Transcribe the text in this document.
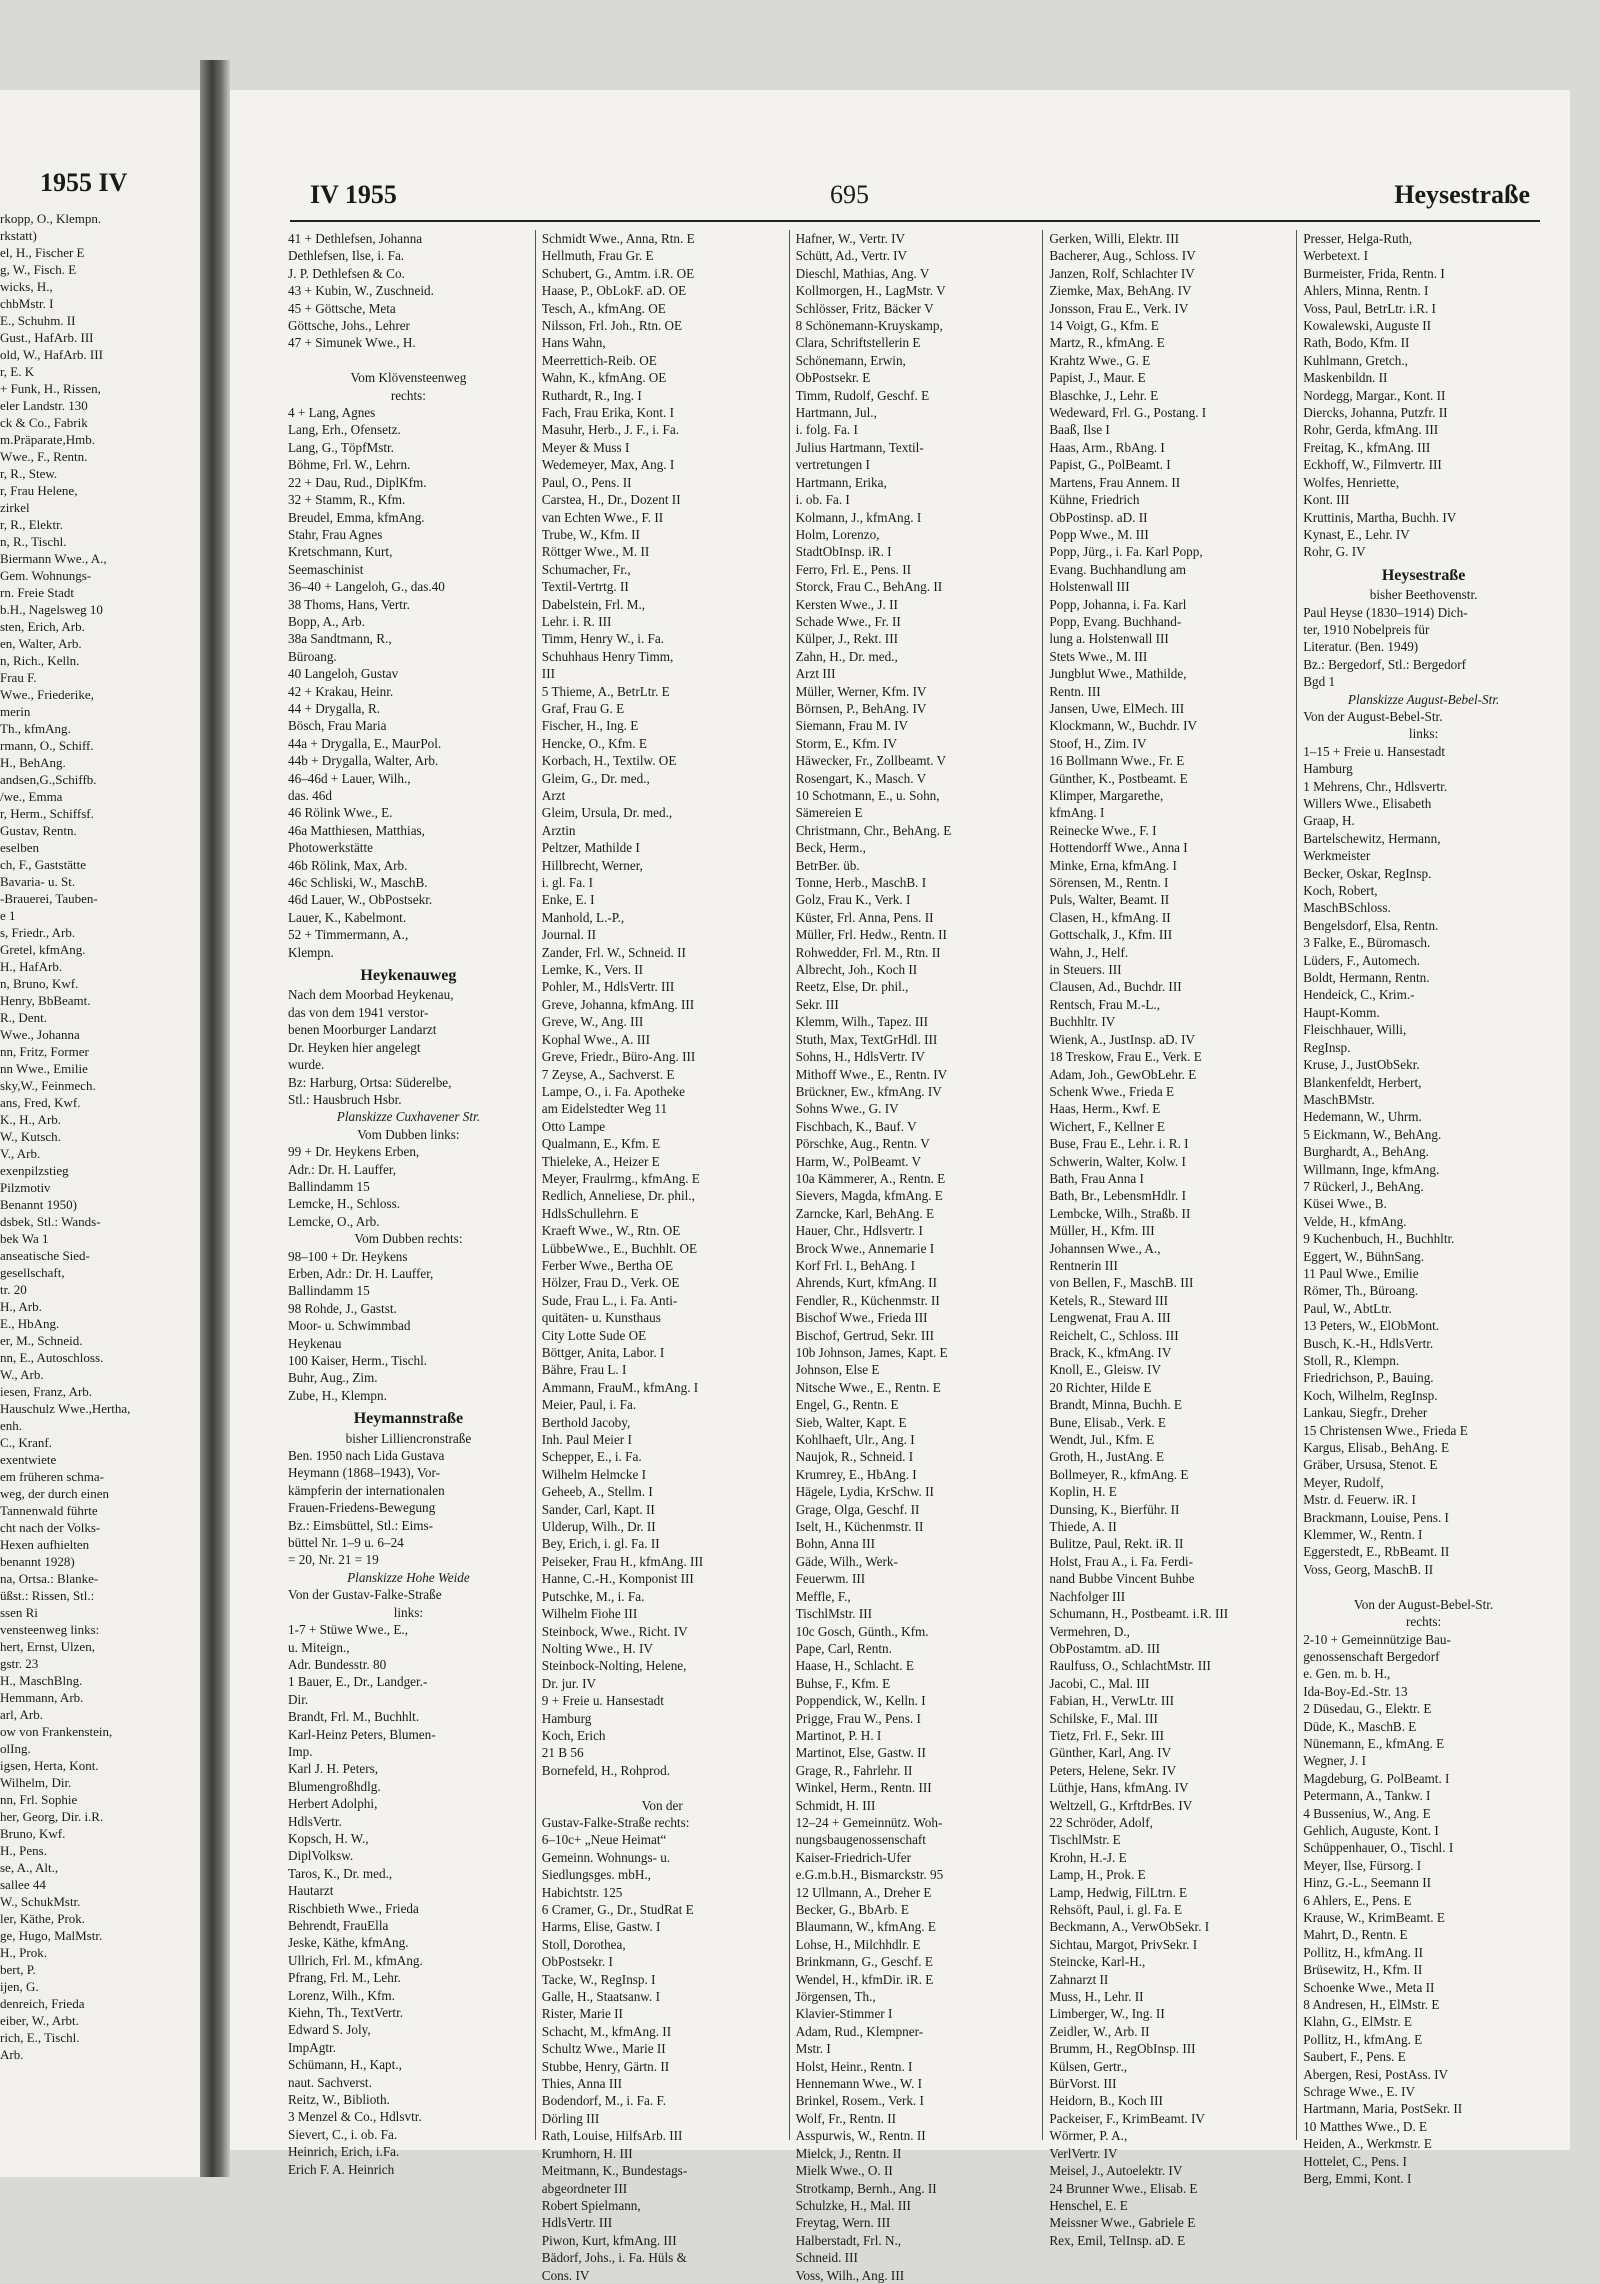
1955 IV
rkopp, O., Klempn.
rkstatt)
el, H., Fischer E
g, W., Fisch. E
wicks, H.,
chbMstr. I
E., Schuhm. II
Gust., HafArb. III
old, W., HafArb. III
r, E. K
+ Funk, H., Rissen,
eler Landstr. 130
ck & Co., Fabrik
m.Präparate,Hmb.
Wwe., F., Rentn.
r, R., Stew.
r, Frau Helene,
zirkel
r, R., Elektr.
n, R., Tischl.
Biermann Wwe., A.,
Gem. Wohnungs-
rn. Freie Stadt
b.H., Nagelsweg 10
sten, Erich, Arb.
en, Walter, Arb.
n, Rich., Kelln.
Frau F.
Wwe., Friederike,
merin
Th., kfmAng.
rmann, O., Schiff.
H., BehAng.
andsen,G.,Schiffb.
/we., Emma
r, Herm., Schiffsf.
Gustav, Rentn.
eselben
ch, F., Gaststätte
Bavaria- u. St.
-Brauerei, Tauben-
e 1
s, Friedr., Arb.
Gretel, kfmAng.
H., HafArb.
n, Bruno, Kwf.
Henry, BbBeamt.
R., Dent.
Wwe., Johanna
nn, Fritz, Former
nn Wwe., Emilie
sky,W., Feinmech.
ans, Fred, Kwf.
K., H., Arb.
W., Kutsch.
V., Arb.
exenpilzstieg
Pilzmotiv
Benannt 1950)
dsbek, Stl.: Wands-
bek Wa 1
anseatische Sied-
gesellschaft,
tr. 20
H., Arb.
E., HbAng.
er, M., Schneid.
nn, E., Autoschloss.
W., Arb.
iesen, Franz, Arb.
Hauschulz Wwe.,Hertha,
enh.
C., Kranf.
exentwiete
em früheren schma-
weg, der durch einen
Tannenwald führte
cht nach der Volks-
Hexen aufhielten
benannt 1928)
na, Ortsa.: Blanke-
üßst.: Rissen, Stl.:
ssen Ri
vensteenweg links:
hert, Ernst, Ulzen,
gstr. 23
H., MaschBlng.
Hemmann, Arb.
arl, Arb.
ow von Frankenstein,
olIng.
igsen, Herta, Kont.
Wilhelm, Dir.
nn, Frl. Sophie
her, Georg, Dir. i.R.
Bruno, Kwf.
H., Pens.
se, A., Alt.,
sallee 44
W., SchukMstr.
ler, Käthe, Prok.
ge, Hugo, MalMstr.
H., Prok.
bert, P.
ijen, G.
denreich, Frieda
eiber, W., Arbt.
rich, E., Tischl.
Arb.
IV 1955	695	Heysestraße
41 + Dethlefsen, Johanna
Dethlefsen, Ilse, i. Fa.
J. P. Dethlefsen & Co.
43 + Kubin, W., Zuschneid.
45 + Göttsche, Meta
Göttsche, Johs., Lehrer
47 + Simunek Wwe., H.

Vom Klövensteenweg
rechts:
4 + Lang, Agnes
Lang, Erh., Ofensetz.
Lang, G., TöpfMstr.
Böhme, Frl. W., Lehrn.
22 + Dau, Rud., DiplKfm.
32 + Stamm, R., Kfm.
Breudel, Emma, kfmAng.
Stahr, Frau Agnes
Kretschmann, Kurt,
Seemaschinist
36–40 + Langeloh, G., das.40
38 Thoms, Hans, Vertr.
Bopp, A., Arb.
38a Sandtmann, R.,
Büroang.
40 Langeloh, Gustav
42 + Krakau, Heinr.
44 + Drygalla, R.
Bösch, Frau Maria
44a + Drygalla, E., MaurPol.
44b + Drygalla, Walter, Arb.
46–46d + Lauer, Wilh.,
das. 46d
46 Rölink Wwe., E.
46a Matthiesen, Matthias,
Photowerkstätte
46b Rölink, Max, Arb.
46c Schliski, W., MaschB.
46d Lauer, W., ObPostsekr.
Lauer, K., Kabelmont.
52 + Timmermann, A.,
Klempn.
Heykenauweg
Nach dem Moorbad Heykenau,
das von dem 1941 verstor-
benen Moorburger Landarzt
Dr. Heyken hier angelegt
wurde.
Bz: Harburg, Ortsa: Süderelbe,
Stl.: Hausbruch Hsbr.
Planskizze Cuxhavener Str.
Vom Dubben links:
99 + Dr. Heykens Erben,
Adr.: Dr. H. Lauffer,
Ballindamm 15
Lemcke, H., Schloss.
Lemcke, O., Arb.
Vom Dubben rechts:
98–100 + Dr. Heykens
Erben, Adr.: Dr. H. Lauffer,
Ballindamm 15
98 Rohde, J., Gastst.
Moor- u. Schwimmbad
Heykenau
100 Kaiser, Herm., Tischl.
Buhr, Aug., Zim.
Zube, H., Klempn.
Heymannstraße
bisher Lilliencronstraße
Ben. 1950 nach Lida Gustava
Heymann (1868–1943), Vor-
kämpferin der internationalen
Frauen-Friedens-Bewegung
Bz.: Eimsbüttel, Stl.: Eims-
büttel Nr. 1–9 u. 6–24
= 20, Nr. 21 = 19
Planskizze Hohe Weide
Von der Gustav-Falke-Straße
links:
1-7 + Stüwe Wwe., E.,
u. Miteign.,
Adr. Bundesstr. 80
1 Bauer, E., Dr., Landger.-
Dir.
Brandt, Frl. M., Buchhlt.
Karl-Heinz Peters, Blumen-
Imp.
Karl J. H. Peters,
Blumengroßhdlg.
Herbert Adolphi,
HdlsVertr.
Kopsch, H. W.,
DiplVolksw.
Taros, K., Dr. med.,
Hautarzt
Rischbieth Wwe., Frieda
Behrendt, FrauElla
Jeske, Käthe, kfmAng.
Ullrich, Frl. M., kfmAng.
Pfrang, Frl. M., Lehr.
Lorenz, Wilh., Kfm.
Kiehn, Th., TextVertr.
Edward S. Joly,
ImpAgtr.
Schümann, H., Kapt.,
naut. Sachverst.
Reitz, W., Biblioth.
3 Menzel & Co., Hdlsvtr.
Sievert, C., i. ob. Fa.
Heinrich, Erich, i.Fa.
Erich F. A. Heinrich
Schmidt Wwe., Anna, Rtn. E
Hellmuth, Frau Gr. E
Schubert, G., Amtm. i.R. OE
Haase, P., ObLokF. aD. OE
Tesch, A., kfmAng. OE
Nilsson, Frl. Joh., Rtn. OE
Hans Wahn,
Meerrettich-Reib. OE
Wahn, K., kfmAng. OE
Ruthardt, R., Ing. I
Fach, Frau Erika, Kont. I
Masuhr, Herb., J. F., i. Fa.
Meyer & Muss I
Wedemeyer, Max, Ang. I
Paul, O., Pens. II
Carstea, H., Dr., Dozent II
van Echten Wwe., F. II
Trube, W., Kfm. II
Röttger Wwe., M. II
Schumacher, Fr.,
Textil-Vertrtg. II
Dabelstein, Frl. M.,
Lehr. i. R. III
Timm, Henry W., i. Fa.
Schuhhaus Henry Timm,
III
5 Thieme, A., BetrLtr. E
Graf, Frau G. E
Fischer, H., Ing. E
Hencke, O., Kfm. E
Korbach, H., Textilw. OE
Gleim, G., Dr. med.,
Arzt
Gleim, Ursula, Dr. med.,
Arztin
Peltzer, Mathilde I
Hillbrecht, Werner,
i. gl. Fa. I
Enke, E. I
Manhold, L.-P.,
Journal. II
Zander, Frl. W., Schneid. II
Lemke, K., Vers. II
Pohler, M., HdlsVertr. III
Greve, Johanna, kfmAng. III
Greve, W., Ang. III
Kophal Wwe., A. III
Greve, Friedr., Büro-Ang. III
7 Zeyse, A., Sachverst. E
Lampe, O., i. Fa. Apotheke
am Eidelstedter Weg 11
Otto Lampe
Qualmann, E., Kfm. E
Thieleke, A., Heizer E
Meyer, Fraulrmg., kfmAng. E
Redlich, Anneliese, Dr. phil.,
HdlsSchullehrn. E
Kraeft Wwe., W., Rtn. OE
LübbeWwe., E., Buchhlt. OE
Ferber Wwe., Bertha OE
Hölzer, Frau D., Verk. OE
Sude, Frau L., i. Fa. Anti-
quitäten- u. Kunsthaus
City Lotte Sude OE
Böttger, Anita, Labor. I
Bähre, Frau L. I
Ammann, FrauM., kfmAng. I
Meier, Paul, i. Fa.
Berthold Jacoby,
Inh. Paul Meier I
Schepper, E., i. Fa.
Wilhelm Helmcke I
Geheeb, A., Stellm. I
Sander, Carl, Kapt. II
Ulderup, Wilh., Dr. II
Bey, Erich, i. gl. Fa. II
Peiseker, Frau H., kfmAng. III
Hanne, C.-H., Komponist III
Putschke, M., i. Fa.
Wilhelm Fiohe III
Steinbock, Wwe., Richt. IV
Nolting Wwe., H. IV
Steinbock-Nolting, Helene,
Dr. jur. IV
9 + Freie u. Hansestadt
Hamburg
Koch, Erich
21 B 56
Bornefeld, H., Rohprod.

Von der
Gustav-Falke-Straße rechts:
6–10c+ „Neue Heimat“
Gemeinn. Wohnungs- u.
Siedlungsges. mbH.,
Habichtstr. 125
6 Cramer, G., Dr., StudRat E
Harms, Elise, Gastw. I
Stoll, Dorothea,
ObPostsekr. I
Tacke, W., RegInsp. I
Galle, H., Staatsanw. I
Rister, Marie II
Schacht, M., kfmAng. II
Schultz Wwe., Marie II
Stubbe, Henry, Gärtn. II
Thies, Anna III
Bodendorf, M., i. Fa. F.
Dörling III
Rath, Louise, HilfsArb. III
Krumhorn, H. III
Meitmann, K., Bundestags-
abgeordneter III
Robert Spielmann,
HdlsVertr. III
Piwon, Kurt, kfmAng. III
Bädorf, Johs., i. Fa. Hüls &
Cons. IV
Hafner, W., Vertr. IV
Schütt, Ad., Vertr. IV
Dieschl, Mathias, Ang. V
Kollmorgen, H., LagMstr. V
Schlösser, Fritz, Bäcker V
8 Schönemann-Kruyskamp,
Clara, Schriftstellerin E
Schönemann, Erwin,
ObPostsekr. E
Timm, Rudolf, Geschf. E
Hartmann, Jul.,
i. folg. Fa. I
Julius Hartmann, Textil-
vertretungen I
Hartmann, Erika,
i. ob. Fa. I
Kolmann, J., kfmAng. I
Holm, Lorenzo,
StadtObInsp. iR. I
Ferro, Frl. E., Pens. II
Storck, Frau C., BehAng. II
Kersten Wwe., J. II
Schade Wwe., Fr. II
Külper, J., Rekt. III
Zahn, H., Dr. med.,
Arzt III
Müller, Werner, Kfm. IV
Börnsen, P., BehAng. IV
Siemann, Frau M. IV
Storm, E., Kfm. IV
Häwecker, Fr., Zollbeamt. V
Rosengart, K., Masch. V
10 Schotmann, E., u. Sohn,
Sämereien E
Christmann, Chr., BehAng. E
Beck, Herm.,
BetrBer. üb.
Tonne, Herb., MaschB. I
Golz, Frau K., Verk. I
Küster, Frl. Anna, Pens. II
Müller, Frl. Hedw., Rentn. II
Rohwedder, Frl. M., Rtn. II
Albrecht, Joh., Koch II
Reetz, Else, Dr. phil.,
Sekr. III
Klemm, Wilh., Tapez. III
Stuth, Max, TextGrHdl. III
Sohns, H., HdlsVertr. IV
Mithoff Wwe., E., Rentn. IV
Brückner, Ew., kfmAng. IV
Sohns Wwe., G. IV
Fischbach, K., Bauf. V
Pörschke, Aug., Rentn. V
Harm, W., PolBeamt. V
10a Kämmerer, A., Rentn. E
Sievers, Magda, kfmAng. E
Zarncke, Karl, BehAng. E
Hauer, Chr., Hdlsvertr. I
Brock Wwe., Annemarie I
Korf Frl. I., BehAng. I
Ahrends, Kurt, kfmAng. II
Fendler, R., Küchenmstr. II
Bischof Wwe., Frieda III
Bischof, Gertrud, Sekr. III
10b Johnson, James, Kapt. E
Johnson, Else E
Nitsche Wwe., E., Rentn. E
Engel, G., Rentn. E
Sieb, Walter, Kapt. E
Kohlhaeft, Ulr., Ang. I
Naujok, R., Schneid. I
Krumrey, E., HbAng. I
Hägele, Lydia, KrSchw. II
Grage, Olga, Geschf. II
Iselt, H., Küchenmstr. II
Bohn, Anna III
Gäde, Wilh., Werk-
Feuerwm. III
Meffle, F.,
TischlMstr. III
10c Gosch, Günth., Kfm.
Pape, Carl, Rentn.
Haase, H., Schlacht. E
Buhse, F., Kfm. E
Poppendick, W., Kelln. I
Prigge, Frau W., Pens. I
Martinot, P. H. I
Martinot, Else, Gastw. II
Grage, R., Fahrlehr. II
Winkel, Herm., Rentn. III
Schmidt, H. III
12–24 + Gemeinnütz. Woh-
nungsbaugenossenschaft
Kaiser-Friedrich-Ufer
e.G.m.b.H., Bismarckstr. 95
12 Ullmann, A., Dreher E
Becker, G., BbArb. E
Blaumann, W., kfmAng. E
Lohse, H., Milchhdlr. E
Brinkmann, G., Geschf. E
Wendel, H., kfmDir. iR. E
Jörgensen, Th.,
Klavier-Stimmer I
Adam, Rud., Klempner-
Mstr. I
Holst, Heinr., Rentn. I
Hennemann Wwe., W. I
Brinkel, Rosem., Verk. I
Wolf, Fr., Rentn. II
Asspurwis, W., Rentn. II
Mielck, J., Rentn. II
Mielk Wwe., O. II
Strotkamp, Bernh., Ang. II
Schulzke, H., Mal. III
Freytag, Wern. III
Halberstadt, Frl. N.,
Schneid. III
Voss, Wilh., Ang. III
Gerken, Willi, Elektr. III
Bacherer, Aug., Schloss. IV
Janzen, Rolf, Schlachter IV
Ziemke, Max, BehAng. IV
Jonsson, Frau E., Verk. IV
14 Voigt, G., Kfm. E
Martz, R., kfmAng. E
Krahtz Wwe., G. E
Papist, J., Maur. E
Blaschke, J., Lehr. E
Wedeward, Frl. G., Postang. I
Baaß, Ilse I
Haas, Arm., RbAng. I
Papist, G., PolBeamt. I
Martens, Frau Annem. II
Kühne, Friedrich
ObPostinsp. aD. II
Popp Wwe., M. III
Popp, Jürg., i. Fa. Karl Popp,
Evang. Buchhandlung am
Holstenwall III
Popp, Johanna, i. Fa. Karl
Popp, Evang. Buchhand-
lung a. Holstenwall III
Stets Wwe., M. III
Jungblut Wwe., Mathilde,
Rentn. III
Jansen, Uwe, ElMech. III
Klockmann, W., Buchdr. IV
Stoof, H., Zim. IV
16 Bollmann Wwe., Fr. E
Günther, K., Postbeamt. E
Klimper, Margarethe,
kfmAng. I
Reinecke Wwe., F. I
Hottendorff Wwe., Anna I
Minke, Erna, kfmAng. I
Sörensen, M., Rentn. I
Puls, Walter, Beamt. II
Clasen, H., kfmAng. II
Gottschalk, J., Kfm. III
Wahn, J., Helf.
in Steuers. III
Clausen, Ad., Buchdr. III
Rentsch, Frau M.-L.,
Buchhltr. IV
Wienk, A., JustInsp. aD. IV
18 Treskow, Frau E., Verk. E
Adam, Joh., GewObLehr. E
Schenk Wwe., Frieda E
Haas, Herm., Kwf. E
Wichert, F., Kellner E
Buse, Frau E., Lehr. i. R. I
Schwerin, Walter, Kolw. I
Bath, Frau Anna I
Bath, Br., LebensmHdlr. I
Lembcke, Wilh., Straßb. II
Müller, H., Kfm. III
Johannsen Wwe., A.,
Rentnerin III
von Bellen, F., MaschB. III
Ketels, R., Steward III
Lengwenat, Frau A. III
Reichelt, C., Schloss. III
Brack, K., kfmAng. IV
Knoll, E., Gleisw. IV
20 Richter, Hilde E
Brandt, Minna, Buchh. E
Bune, Elisab., Verk. E
Wendt, Jul., Kfm. E
Groth, H., JustAng. E
Bollmeyer, R., kfmAng. E
Koplin, H. E
Dunsing, K., Bierführ. II
Thiede, A. II
Bulitze, Paul, Rekt. iR. II
Holst, Frau A., i. Fa. Ferdi-
nand Bubbe Vincent Buhbe
Nachfolger III
Schumann, H., Postbeamt. i.R. III
Vermehren, D.,
ObPostamtm. aD. III
Raulfuss, O., SchlachtMstr. III
Jacobi, C., Mal. III
Fabian, H., VerwLtr. III
Schilske, F., Mal. III
Tietz, Frl. F., Sekr. III
Günther, Karl, Ang. IV
Peters, Helene, Sekr. IV
Lüthje, Hans, kfmAng. IV
Weltzell, G., KrftdrBes. IV
22 Schröder, Adolf,
TischlMstr. E
Krohn, H.-J. E
Lamp, H., Prok. E
Lamp, Hedwig, FilLtrn. E
Rehsöft, Paul, i. gl. Fa. E
Beckmann, A., VerwObSekr. I
Sichtau, Margot, PrivSekr. I
Steincke, Karl-H.,
Zahnarzt II
Muss, H., Lehr. II
Limberger, W., Ing. II
Zeidler, W., Arb. II
Brumm, H., RegObInsp. III
Külsen, Gertr.,
BürVorst. III
Heidorn, B., Koch III
Packeiser, F., KrimBeamt. IV
Wörmer, P. A.,
VerlVertr. IV
Meisel, J., Autoelektr. IV
24 Brunner Wwe., Elisab. E
Henschel, E. E
Meissner Wwe., Gabriele E
Rex, Emil, TelInsp. aD. E
Presser, Helga-Ruth,
Werbetext. I
Burmeister, Frida, Rentn. I
Ahlers, Minna, Rentn. I
Voss, Paul, BetrLtr. i.R. I
Kowalewski, Auguste II
Rath, Bodo, Kfm. II
Kuhlmann, Gretch.,
Maskenbildn. II
Nordegg, Margar., Kont. II
Diercks, Johanna, Putzfr. II
Rohr, Gerda, kfmAng. III
Freitag, K., kfmAng. III
Eckhoff, W., Filmvertr. III
Wolfes, Henriette,
Kont. III
Kruttinis, Martha, Buchh. IV
Kynast, E., Lehr. IV
Rohr, G. IV
Heysestraße
bisher Beethovenstr.
Paul Heyse (1830–1914) Dich-
ter, 1910 Nobelpreis für
Literatur. (Ben. 1949)
Bz.: Bergedorf, Stl.: Bergedorf
Bgd 1
Planskizze August-Bebel-Str.
Von der August-Bebel-Str.
links:
1–15 + Freie u. Hansestadt
Hamburg
1 Mehrens, Chr., Hdlsvertr.
Willers Wwe., Elisabeth
Graap, H.
Bartelschewitz, Hermann,
Werkmeister
Becker, Oskar, RegInsp.
Koch, Robert,
MaschBSchloss.
Bengelsdorf, Elsa, Rentn.
3 Falke, E., Büromasch.
Lüders, F., Automech.
Boldt, Hermann, Rentn.
Hendeick, C., Krim.-
Haupt-Komm.
Fleischhauer, Willi,
RegInsp.
Kruse, J., JustObSekr.
Blankenfeldt, Herbert,
MaschBMstr.
Hedemann, W., Uhrm.
5 Eickmann, W., BehAng.
Burghardt, A., BehAng.
Willmann, Inge, kfmAng.
7 Rückerl, J., BehAng.
Küsei Wwe., B.
Velde, H., kfmAng.
9 Kuchenbuch, H., Buchhltr.
Eggert, W., BühnSang.
11 Paul Wwe., Emilie
Römer, Th., Büroang.
Paul, W., AbtLtr.
13 Peters, W., ElObMont.
Busch, K.-H., HdlsVertr.
Stoll, R., Klempn.
Friedrichson, P., Bauing.
Koch, Wilhelm, RegInsp.
Lankau, Siegfr., Dreher
15 Christensen Wwe., Frieda E
Kargus, Elisab., BehAng. E
Gräber, Ursusa, Stenot. E
Meyer, Rudolf,
Mstr. d. Feuerw. iR. I
Brackmann, Louise, Pens. I
Klemmer, W., Rentn. I
Eggerstedt, E., RbBeamt. II
Voss, Georg, MaschB. II

Von der August-Bebel-Str.
rechts:
2-10 + Gemeinnützige Bau-
genossenschaft Bergedorf
e. Gen. m. b. H.,
Ida-Boy-Ed.-Str. 13
2 Düsedau, G., Elektr. E
Düde, K., MaschB. E
Nünemann, E., kfmAng. E
Wegner, J. I
Magdeburg, G. PolBeamt. I
Petermann, A., Tankw. I
4 Bussenius, W., Ang. E
Gehlich, Auguste, Kont. I
Schüppenhauer, O., Tischl. I
Meyer, Ilse, Fürsorg. I
Hinz, G.-L., Seemann II
6 Ahlers, E., Pens. E
Krause, W., KrimBeamt. E
Mahrt, D., Rentn. E
Pollitz, H., kfmAng. II
Brüsewitz, H., Kfm. II
Schoenke Wwe., Meta II
8 Andresen, H., ElMstr. E
Klahn, G., ElMstr. E
Pollitz, H., kfmAng. E
Saubert, F., Pens. E
Abergen, Resi, PostAss. IV
Schrage Wwe., E. IV
Hartmann, Maria, PostSekr. II
10 Matthes Wwe., D. E
Heiden, A., Werkmstr. E
Hottelet, C., Pens. I
Berg, Emmi, Kont. I
